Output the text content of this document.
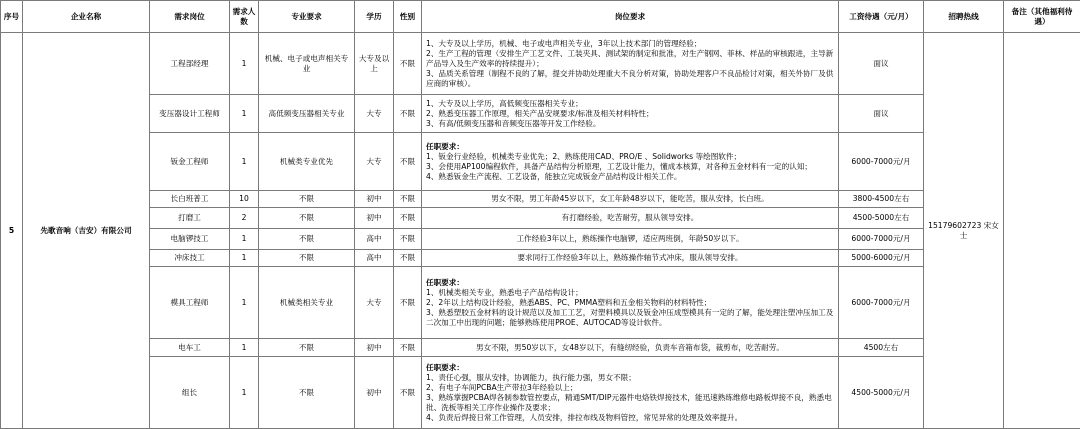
序号	企业名称	需求岗位	需求人数	专业要求	学历	性别	岗位要求	工资待遇（元/月）	招聘热线	备注（其他福利待遇）
5	先歌音响（吉安）有限公司	工程部经理	1	机械、电子或电声相关专业	大专及以上	不限	1、大专及以上学历，机械、电子或电声相关专业，3年以上技术部门的管理经验；
2、生产工程的管理（安排生产工艺文件、工装夹具、测试架的制定和批准，对生产钢网、菲林、样品的审核跟进，主导新产品导入及生产效率的持续提升）；
3、品质关系管理（制程不良的了解，提交并协助处理重大不良分析对策，协助处理客户不良品检讨对策，相关外协厂及供应商的审核）。	面议	15179602723 宋女士	
		变压器设计工程师	1	高低频变压器相关专业	大专	不限	1、大专及以上学历，高低频变压器相关专业；
2、熟悉变压器工作原理，相关产品安规要求/标准及相关材料特性；
3、有高/低频变压器和音频变压器等开发工作经验。	面议		
		钣金工程师	1	机械类专业优先	大专	不限	任职要求：
1、钣金行业经验，机械类专业优先；2、熟练使用CAD、PRO/E 、Solidworks 等绘图软件；
3、会使用AP100编程软件，具备产品结构分析原理，工艺设计能力，懂成本核算，对各种五金材料有一定的认知；
4、熟悉钣金生产流程、工艺设备，能独立完成钣金产品结构设计相关工作。	6000-7000元/月		
		长白班普工	10	不限	初中	不限	男女不限，男工年龄45岁以下，女工年龄48岁以下，能吃苦，服从安排，长白班。	3800-4500左右		
		打磨工	2	不限	初中	不限	有打磨经验，吃苦耐劳，服从领导安排。	4500-5000左右		
		电脑锣技工	1	不限	高中	不限	工作经验3年以上，熟练操作电脑锣，适应两班倒，年龄50岁以下。	6000-7000元/月		
		冲床技工	1	不限	高中	不限	要求同行工作经验3年以上，熟练操作轴节式冲床，服从领导安排。	5000-6000元/月		
		模具工程师	1	机械类相关专业	大专	不限	任职要求：
1、机械类相关专业，熟悉电子产品结构设计；
2、2年以上结构设计经验，熟悉ABS、PC、PMMA塑料和五金相关物料的材料特性；
3、熟悉塑胶五金材料的设计规范以及加工工艺，对塑料模具以及钣金冲压成型模具有一定的了解，能处理注塑冲压加工及二次加工中出现的问题；能够熟练使用PROE、AUTOCAD等设计软件。	6000-7000元/月		
		电车工	1	不限	初中	不限	男女不限，男50岁以下，女48岁以下，有缝纫经验，负责车音箱布袋，裁剪布，吃苦耐劳。	4500左右		
		组长	1	不限	初中	不限	任职要求：
1、责任心强，服从安排，协调能力，执行能力强，男女不限；
2、有电子车间PCBA生产带拉3年经验以上；
3、熟练掌握PCBA焊各制参数管控要点，精通SMT/DIP元器件电烙铁焊接技术，能迅速熟练维修电路板焊接不良，熟悉电批、洗板等相关工序作业操作及要求；
4、负责后焊接日常工作管理，人员安排，排拉布线及物料管控，常见异常的处理及效率提升。	4500-5000元/月		
